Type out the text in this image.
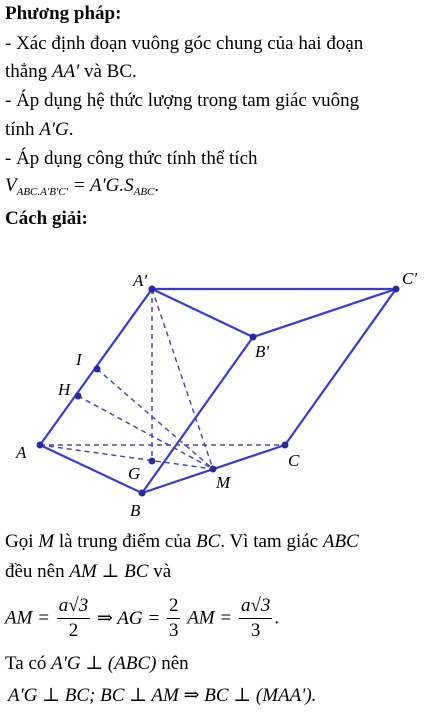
Phương pháp:
- Xác định đoạn vuông góc chung của hai đoạn
thẳng AA' và BC.
- Áp dụng hệ thức lượng trong tam giác vuông
tính A'G.
- Áp dụng công thức tính thể tích
$V_{ABC.A'B'C'} = A'G.S_{ABC}$.
Cách giải:
A'	C'
B'
I
H
A
G	M
B
C
Gọi M là trung điểm của BC. Vì tam giác ABC
đều nên AM ⊥ BC và
AM = $\frac{a√3}{2}$ ⇒ AG = $\frac{2}{3}$ AM = $\frac{a√3}{3}$ .
Ta có A'G ⊥ (ABC) nên
A'G ⊥ BC; BC ⊥ AM ⇒ BC ⊥ (MAA').
